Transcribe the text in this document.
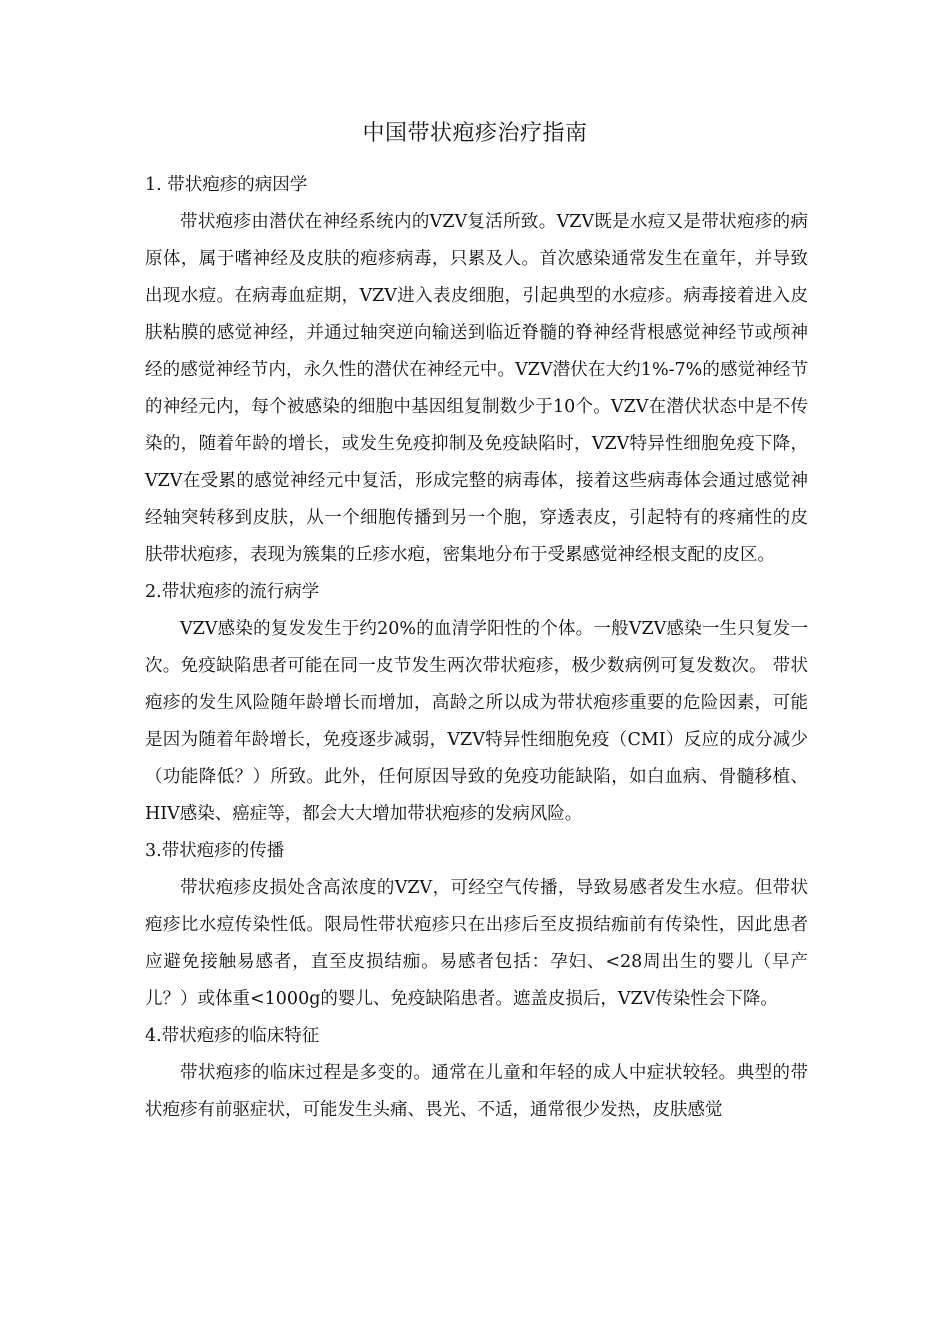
中国带状疱疹治疗指南

1. 带状疱疹的病因学

带状疱疹由潜伏在神经系统内的VZV复活所致。VZV既是水痘又是带状疱疹的病原体，属于嗜神经及皮肤的疱疹病毒，只累及人。首次感染通常发生在童年，并导致出现水痘。在病毒血症期，VZV进入表皮细胞，引起典型的水痘疹。病毒接着进入皮肤粘膜的感觉神经，并通过轴突逆向输送到临近脊髓的脊神经背根感觉神经节或颅神经的感觉神经节内，永久性的潜伏在神经元中。VZV潜伏在大约1%-7%的感觉神经节的神经元内，每个被感染的细胞中基因组复制数少于10个。VZV在潜伏状态中是不传染的，随着年龄的增长，或发生免疫抑制及免疫缺陷时，VZV特异性细胞免疫下降，VZV在受累的感觉神经元中复活，形成完整的病毒体，接着这些病毒体会通过感觉神经轴突转移到皮肤，从一个细胞传播到另一个胞，穿透表皮，引起特有的疼痛性的皮肤带状疱疹，表现为簇集的丘疹水疱，密集地分布于受累感觉神经根支配的皮区。

2.带状疱疹的流行病学

VZV感染的复发发生于约20%的血清学阳性的个体。一般VZV感染一生只复发一次。免疫缺陷患者可能在同一皮节发生两次带状疱疹，极少数病例可复发数次。 带状疱疹的发生风险随年龄增长而增加，高龄之所以成为带状疱疹重要的危险因素，可能是因为随着年龄增长，免疫逐步减弱，VZV特异性细胞免疫（CMI）反应的成分减少（功能降低？）所致。此外，任何原因导致的免疫功能缺陷，如白血病、骨髓移植、HIV感染、癌症等，都会大大增加带状疱疹的发病风险。

3.带状疱疹的传播

带状疱疹皮损处含高浓度的VZV，可经空气传播，导致易感者发生水痘。但带状疱疹比水痘传染性低。限局性带状疱疹只在出疹后至皮损结痂前有传染性，因此患者应避免接触易感者，直至皮损结痂。易感者包括：孕妇、<28周出生的婴儿（早产儿？）或体重<1000g的婴儿、免疫缺陷患者。遮盖皮损后，VZV传染性会下降。

4.带状疱疹的临床特征

带状疱疹的临床过程是多变的。通常在儿童和年轻的成人中症状较轻。典型的带状疱疹有前驱症状，可能发生头痛、畏光、不适，通常很少发热，皮肤感觉
